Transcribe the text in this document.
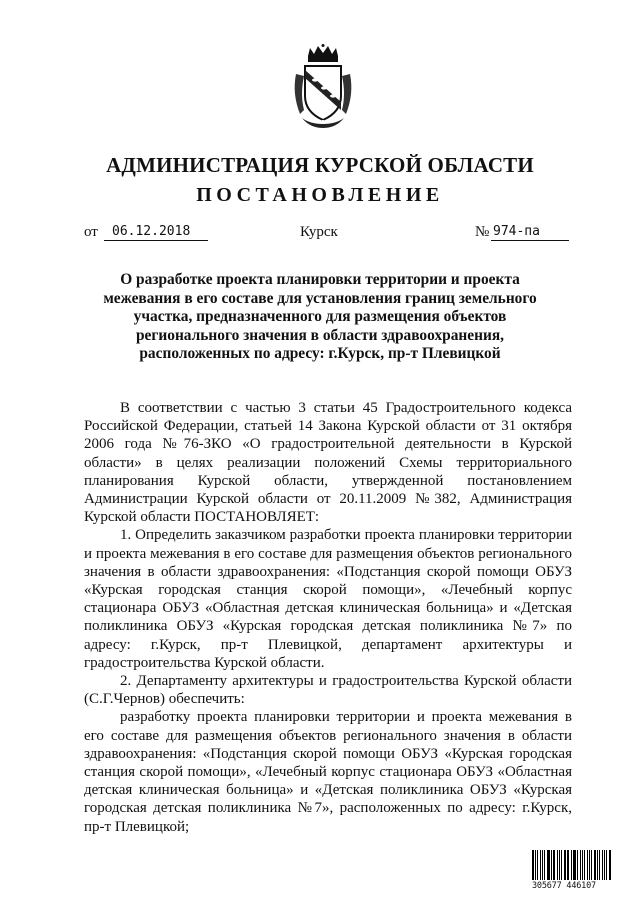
АДМИНИСТРАЦИЯ КУРСКОЙ ОБЛАСТИ
ПОСТАНОВЛЕНИЕ
от	06.12.2018	Курск	№ 974-па
О разработке проекта планировки территории и проекта
межевания в его составе для установления границ земельного
участка, предназначенного для размещения объектов
регионального значения в области здравоохранения,
расположенных по адресу: г.Курск, пр-т Плевицкой

В соответствии с частью 3 статьи 45 Градостроительного кодекса Российской Федерации, статьей 14 Закона Курской области от 31 октября 2006 года №76-ЗКО «О градостроительной деятельности в Курской области» в целях реализации положений Схемы территориального планирования Курской области, утвержденной постановлением Администрации Курской области от 20.11.2009 №382, Администрация Курской области ПОСТАНОВЛЯЕТ:

1. Определить заказчиком разработки проекта планировки территории и проекта межевания в его составе для размещения объектов регионального значения в области здравоохранения: «Подстанция скорой помощи ОБУЗ «Курская городская станция скорой помощи», «Лечебный корпус стационара ОБУЗ «Областная детская клиническая больница» и «Детская поликлиника ОБУЗ «Курская городская детская поликлиника №7» по адресу: г.Курск, пр-т Плевицкой, департамент архитектуры и градостроительства Курской области.

2. Департаменту архитектуры и градостроительства Курской области (С.Г.Чернов) обеспечить:

разработку проекта планировки территории и проекта межевания в его составе для размещения объектов регионального значения в области здравоохранения: «Подстанция скорой помощи ОБУЗ «Курская городская станция скорой помощи», «Лечебный корпус стационара ОБУЗ «Областная детская клиническая больница» и «Детская поликлиника ОБУЗ «Курская городская детская поликлиника №7», расположенных по адресу: г.Курск, пр-т Плевицкой;

305677 446107
